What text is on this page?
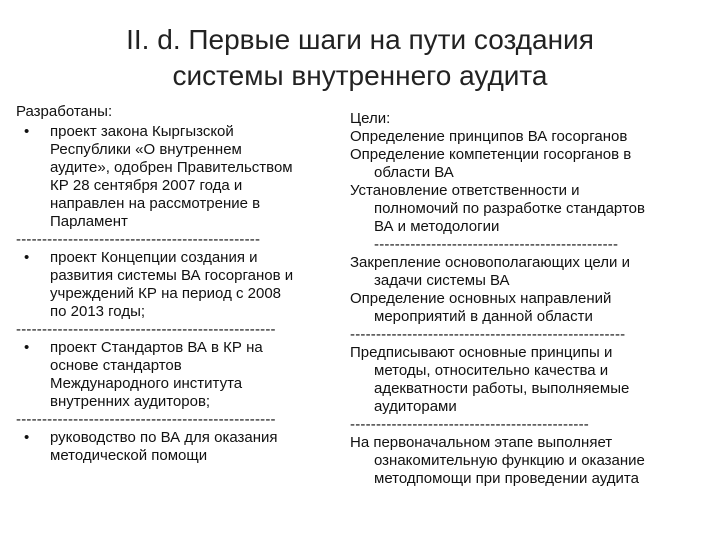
II. d. Первые шаги на пути создания
системы внутреннего аудита
Разработаны:
• проект закона Кыргызской
Республики «О внутреннем
аудите», одобрен Правительством
КР 28 сентября 2007 года и
направлен на рассмотрение в
Парламент
-----------------------------------------------
• проект Концепции создания и
развития системы ВА госорганов и
учреждений КР на период с 2008
по 2013 годы;
--------------------------------------------------
• проект Стандартов ВА в КР на
основе стандартов
Международного института
внутренних аудиторов;
--------------------------------------------------
• руководство по ВА для оказания
методической помощи
Цели:
Определение принципов ВА госорганов
Определение компетенции госорганов в
области ВА
Установление ответственности и
полномочий по разработке стандартов
ВА и методологии
-----------------------------------------------
Закрепление основополагающих цели и
задачи системы ВА
Определение основных направлений
мероприятий в данной области
-----------------------------------------------------
Предписывают основные принципы и
методы, относительно качества и
адекватности работы, выполняемые
аудиторами
----------------------------------------------
На первоначальном этапе выполняет
ознакомительную функцию и оказание
методпомощи при проведении аудита
